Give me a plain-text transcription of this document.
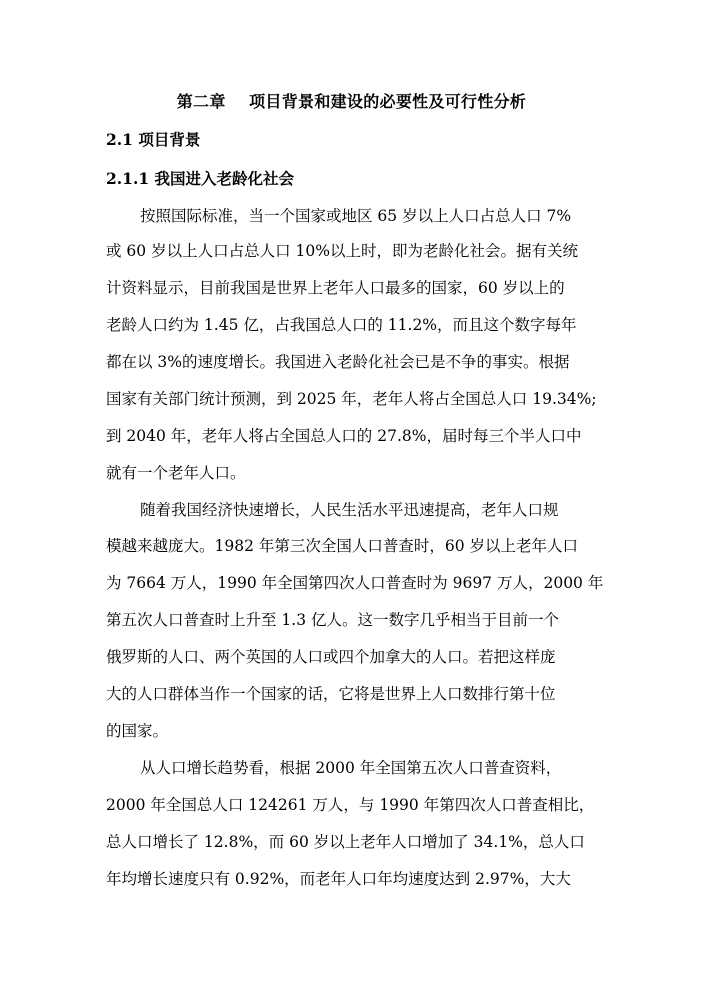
第二章    项目背景和建设的必要性及可行性分析
2.1 项目背景
2.1.1 我国进入老龄化社会
按照国际标准，当一个国家或地区 65 岁以上人口占总人口 7%
或 60 岁以上人口占总人口 10%以上时，即为老龄化社会。据有关统
计资料显示，目前我国是世界上老年人口最多的国家，60 岁以上的
老龄人口约为 1.45 亿，占我国总人口的 11.2%，而且这个数字每年
都在以 3%的速度增长。我国进入老龄化社会已是不争的事实。根据
国家有关部门统计预测，到 2025 年，老年人将占全国总人口 19.34%;
到 2040 年，老年人将占全国总人口的 27.8%，届时每三个半人口中
就有一个老年人口。
随着我国经济快速增长，人民生活水平迅速提高，老年人口规
模越来越庞大。1982 年第三次全国人口普查时，60 岁以上老年人口
为 7664 万人，1990 年全国第四次人口普查时为 9697 万人，2000 年
第五次人口普查时上升至 1.3 亿人。这一数字几乎相当于目前一个
俄罗斯的人口、两个英国的人口或四个加拿大的人口。若把这样庞
大的人口群体当作一个国家的话，它将是世界上人口数排行第十位
的国家。
从人口增长趋势看，根据 2000 年全国第五次人口普查资料，
2000 年全国总人口 124261 万人，与 1990 年第四次人口普查相比，
总人口增长了 12.8%，而 60 岁以上老年人口增加了 34.1%，总人口
年均增长速度只有 0.92%，而老年人口年均速度达到 2.97%，大大
